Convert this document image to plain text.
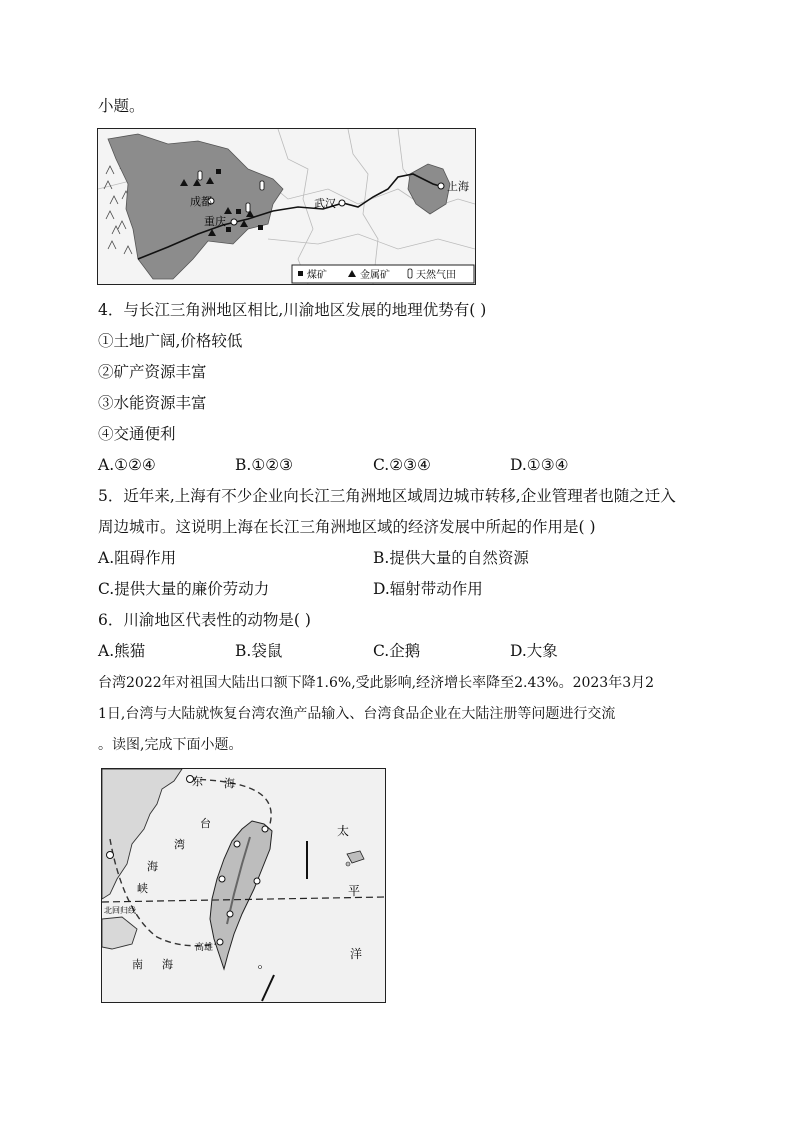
小题。
成都
重庆
武汉
上海
煤矿	金属矿	天然气田
4．与长江三角洲地区相比,川渝地区发展的地理优势有( )
①土地广阔,价格较低
②矿产资源丰富
③水能资源丰富
④交通便利
A.①②④	B.①②③	C.②③④	D.①③④
5．近年来,上海有不少企业向长江三角洲地区域周边城市转移,企业管理者也随之迁入
周边城市。这说明上海在长江三角洲地区域的经济发展中所起的作用是( )
A.阻碍作用	B.提供大量的自然资源
C.提供大量的廉价劳动力	D.辐射带动作用
6．川渝地区代表性的动物是( )
A.熊猫	B.袋鼠	C.企鹅	D.大象
台湾2022年对祖国大陆出口额下降1.6%,受此影响,经济增长率降至2.43%。2023年3月2
1日,台湾与大陆就恢复台湾农渔产品输入、台湾食品企业在大陆注册等问题进行交流
。读图,完成下面小题。
东 海
台
湾
海
峡
太
平
洋
北回归线
南 海
高雄
